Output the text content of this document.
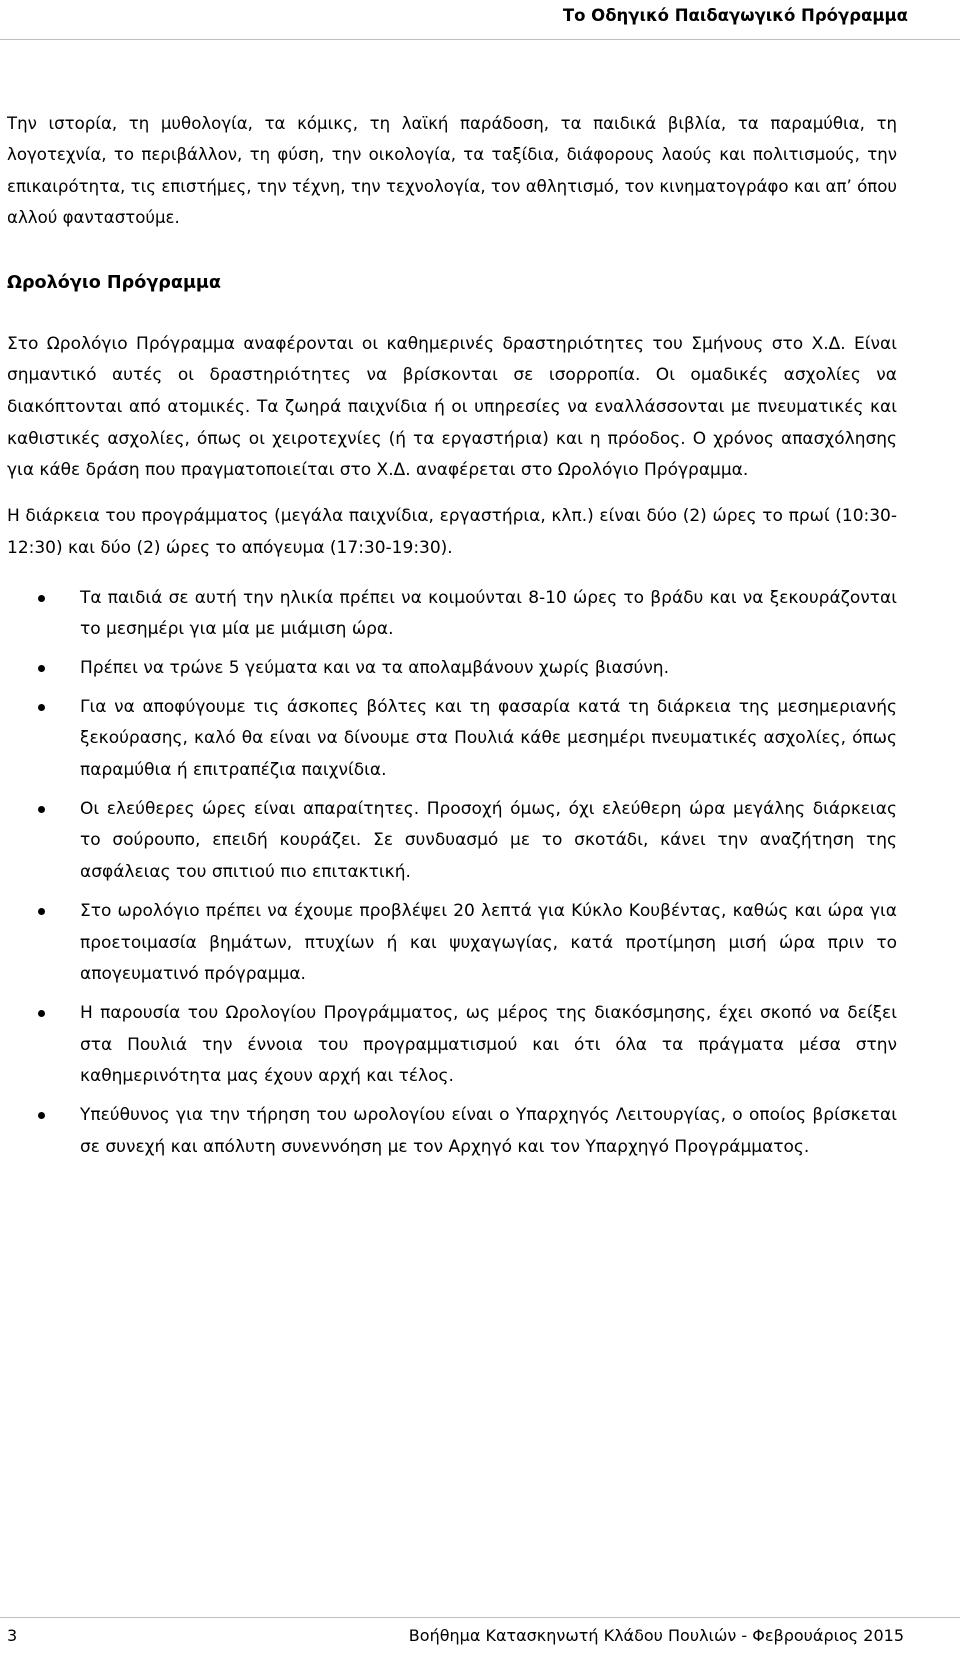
Το Οδηγικό Παιδαγωγικό Πρόγραμμα

Την ιστορία, τη μυθολογία, τα κόμικς, τη λαϊκή παράδοση, τα παιδικά βιβλία, τα παραμύθια, τη λογοτεχνία, το περιβάλλον, τη φύση, την οικολογία, τα ταξίδια, διάφορους λαούς και πολιτισμούς, την επικαιρότητα, τις επιστήμες, την τέχνη, την τεχνολογία, τον αθλητισμό, τον κινηματογράφο και απ’ όπου αλλού φανταστούμε.

Ωρολόγιο Πρόγραμμα

Στο Ωρολόγιο Πρόγραμμα αναφέρονται οι καθημερινές δραστηριότητες του Σμήνους στο Χ.Δ. Είναι σημαντικό αυτές οι δραστηριότητες να βρίσκονται σε ισορροπία. Οι ομαδικές ασχολίες να διακόπτονται από ατομικές. Τα ζωηρά παιχνίδια ή οι υπηρεσίες να εναλλάσσονται με πνευματικές και καθιστικές ασχολίες, όπως οι χειροτεχνίες (ή τα εργαστήρια) και η πρόοδος. Ο χρόνος απασχόλησης για κάθε δράση που πραγματοποιείται στο Χ.Δ. αναφέρεται στο Ωρολόγιο Πρόγραμμα.

Η διάρκεια του προγράμματος (μεγάλα παιχνίδια, εργαστήρια, κλπ.) είναι δύο (2) ώρες το πρωί (10:30-12:30) και δύο (2) ώρες το απόγευμα (17:30-19:30).

Τα παιδιά σε αυτή την ηλικία πρέπει να κοιμούνται 8-10 ώρες το βράδυ και να ξεκουράζονται το μεσημέρι για μία με μιάμιση ώρα.
Πρέπει να τρώνε 5 γεύματα και να τα απολαμβάνουν χωρίς βιασύνη.
Για να αποφύγουμε τις άσκοπες βόλτες και τη φασαρία κατά τη διάρκεια της μεσημεριανής ξεκούρασης, καλό θα είναι να δίνουμε στα Πουλιά κάθε μεσημέρι πνευματικές ασχολίες, όπως παραμύθια ή επιτραπέζια παιχνίδια.
Οι ελεύθερες ώρες είναι απαραίτητες. Προσοχή όμως, όχι ελεύθερη ώρα μεγάλης διάρκειας το σούρουπο, επειδή κουράζει. Σε συνδυασμό με το σκοτάδι, κάνει την αναζήτηση της ασφάλειας του σπιτιού πιο επιτακτική.
Στο ωρολόγιο πρέπει να έχουμε προβλέψει 20 λεπτά για Κύκλο Κουβέντας, καθώς και ώρα για προετοιμασία βημάτων, πτυχίων ή και ψυχαγωγίας, κατά προτίμηση μισή ώρα πριν το απογευματινό πρόγραμμα.
Η παρουσία του Ωρολογίου Προγράμματος, ως μέρος της διακόσμησης, έχει σκοπό να δείξει στα Πουλιά την έννοια του προγραμματισμού και ότι όλα τα πράγματα μέσα στην καθημερινότητα μας έχουν αρχή και τέλος.
Υπεύθυνος για την τήρηση του ωρολογίου είναι ο Υπαρχηγός Λειτουργίας, ο οποίος βρίσκεται σε συνεχή και απόλυτη συνεννόηση με τον Αρχηγό και τον Υπαρχηγό Προγράμματος.
3	Βοήθημα Κατασκηνωτή Κλάδου Πουλιών - Φεβρουάριος 2015
